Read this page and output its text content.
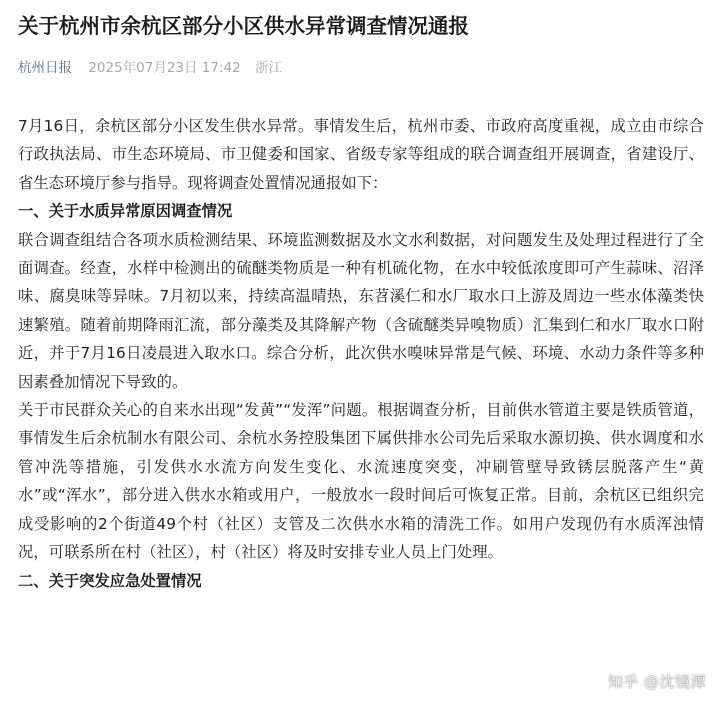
关于杭州市余杭区部分小区供水异常调查情况通报
杭州日报 2025年07月23日 17:42 浙江

7月16日，余杭区部分小区发生供水异常。事情发生后，杭州市委、市政府高度重视，成立由市综合行政执法局、市生态环境局、市卫健委和国家、省级专家等组成的联合调查组开展调查，省建设厅、省生态环境厅参与指导。现将调查处置情况通报如下：

一、关于水质异常原因调查情况

联合调查组结合各项水质检测结果、环境监测数据及水文水利数据，对问题发生及处理过程进行了全面调查。经查，水样中检测出的硫醚类物质是一种有机硫化物，在水中较低浓度即可产生蒜味、沼泽味、腐臭味等异味。7月初以来，持续高温晴热，东苕溪仁和水厂取水口上游及周边一些水体藻类快速繁殖。随着前期降雨汇流，部分藻类及其降解产物（含硫醚类异嗅物质）汇集到仁和水厂取水口附近，并于7月16日凌晨进入取水口。综合分析，此次供水嗅味异常是气候、环境、水动力条件等多种因素叠加情况下导致的。

关于市民群众关心的自来水出现“发黄”“发浑”问题。根据调查分析，目前供水管道主要是铁质管道，事情发生后余杭制水有限公司、余杭水务控股集团下属供排水公司先后采取水源切换、供水调度和水管冲洗等措施，引发供水水流方向发生变化、水流速度突变，冲刷管壁导致锈层脱落产生“黄水”或“浑水”，部分进入供水水箱或用户，一般放水一段时间后可恢复正常。目前，余杭区已组织完成受影响的2个街道49个村（社区）支管及二次供水水箱的清洗工作。如用户发现仍有水质浑浊情况，可联系所在村（社区），村（社区）将及时安排专业人员上门处理。

二、关于突发应急处置情况

知乎 @沈镜潭
